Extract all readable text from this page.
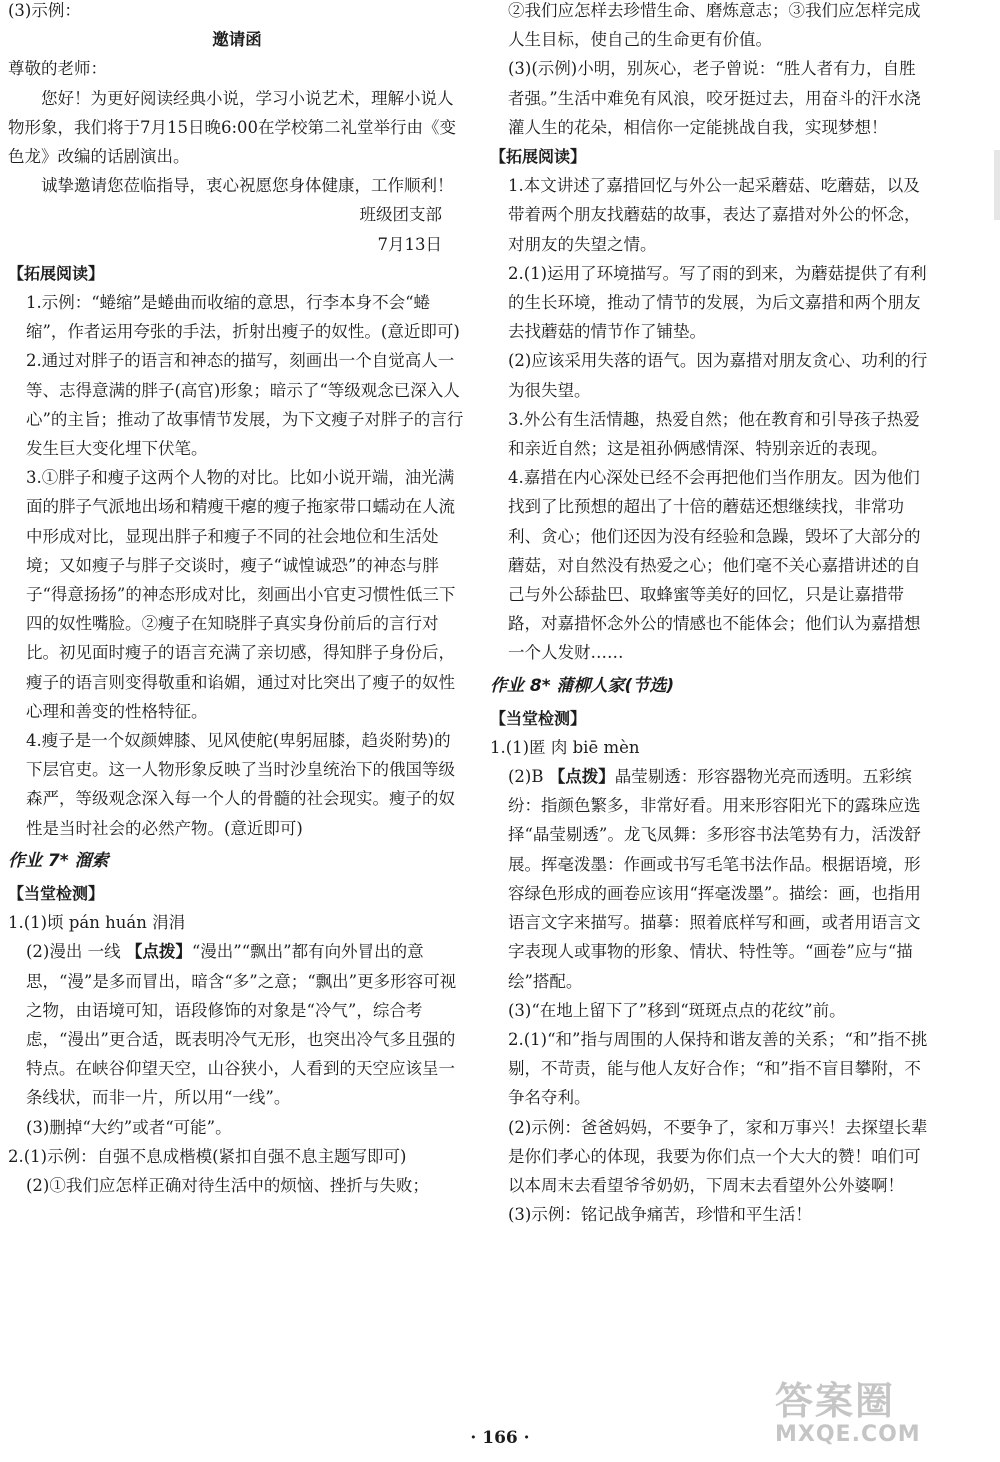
(3)示例：

邀请函

尊敬的老师：

您好！为更好阅读经典小说，学习小说艺术，理解小说人物形象，我们将于7月15日晚6:00在学校第二礼堂举行由《变色龙》改编的话剧演出。

诚挚邀请您莅临指导，衷心祝愿您身体健康，工作顺利！

班级团支部

7月13日

【拓展阅读】

1.示例：“蜷缩”是蜷曲而收缩的意思，行李本身不会“蜷缩”，作者运用夸张的手法，折射出瘦子的奴性。(意近即可)

2.通过对胖子的语言和神态的描写，刻画出一个自觉高人一等、志得意满的胖子(高官)形象；暗示了“等级观念已深入人心”的主旨；推动了故事情节发展，为下文瘦子对胖子的言行发生巨大变化埋下伏笔。

3.①胖子和瘦子这两个人物的对比。比如小说开端，油光满面的胖子气派地出场和精瘦干瘪的瘦子拖家带口蠕动在人流中形成对比，显现出胖子和瘦子不同的社会地位和生活处境；又如瘦子与胖子交谈时，瘦子“诚惶诚恐”的神态与胖子“得意扬扬”的神态形成对比，刻画出小官吏习惯性低三下四的奴性嘴脸。②瘦子在知晓胖子真实身份前后的言行对比。初见面时瘦子的语言充满了亲切感，得知胖子身份后，瘦子的语言则变得敬重和谄媚，通过对比突出了瘦子的奴性心理和善变的性格特征。

4.瘦子是一个奴颜婢膝、见风使舵(卑躬屈膝，趋炎附势)的下层官吏。这一人物形象反映了当时沙皇统治下的俄国等级森严，等级观念深入每一个人的骨髓的社会现实。瘦子的奴性是当时社会的必然产物。(意近即可)

作业 7* 溜索

【当堂检测】

1.(1)顷 pán huán 涓涓

(2)漫出 一线 【点拨】“漫出”“飘出”都有向外冒出的意思，“漫”是多而冒出，暗含“多”之意；“飘出”更多形容可视之物，由语境可知，语段修饰的对象是“冷气”，综合考虑，“漫出”更合适，既表明冷气无形，也突出冷气多且强的特点。在峡谷仰望天空，山谷狭小，人看到的天空应该呈一条线状，而非一片，所以用“一线”。

(3)删掉“大约”或者“可能”。

2.(1)示例：自强不息成楷模(紧扣自强不息主题写即可)

(2)①我们应怎样正确对待生活中的烦恼、挫折与失败；

②我们应怎样去珍惜生命、磨炼意志；③我们应怎样完成人生目标，使自己的生命更有价值。

(3)(示例)小明，别灰心，老子曾说：“胜人者有力，自胜者强。”生活中难免有风浪，咬牙挺过去，用奋斗的汗水浇灌人生的花朵，相信你一定能挑战自我，实现梦想！

【拓展阅读】

1.本文讲述了嘉措回忆与外公一起采蘑菇、吃蘑菇，以及带着两个朋友找蘑菇的故事，表达了嘉措对外公的怀念，对朋友的失望之情。

2.(1)运用了环境描写。写了雨的到来，为蘑菇提供了有利的生长环境，推动了情节的发展，为后文嘉措和两个朋友去找蘑菇的情节作了铺垫。

(2)应该采用失落的语气。因为嘉措对朋友贪心、功利的行为很失望。

3.外公有生活情趣，热爱自然；他在教育和引导孩子热爱和亲近自然；这是祖孙俩感情深、特别亲近的表现。

4.嘉措在内心深处已经不会再把他们当作朋友。因为他们找到了比预想的超出了十倍的蘑菇还想继续找，非常功利、贪心；他们还因为没有经验和急躁，毁坏了大部分的蘑菇，对自然没有热爱之心；他们毫不关心嘉措讲述的自己与外公舔盐巴、取蜂蜜等美好的回忆，只是让嘉措带路，对嘉措怀念外公的情感也不能体会；他们认为嘉措想一个人发财……

作业 8* 蒲柳人家(节选)

【当堂检测】

1.(1)匿 肉 biē mèn

(2)B 【点拨】晶莹剔透：形容器物光亮而透明。五彩缤纷：指颜色繁多，非常好看。用来形容阳光下的露珠应选择“晶莹剔透”。龙飞凤舞：多形容书法笔势有力，活泼舒展。挥毫泼墨：作画或书写毛笔书法作品。根据语境，形容绿色形成的画卷应该用“挥毫泼墨”。描绘：画，也指用语言文字来描写。描摹：照着底样写和画，或者用语言文字表现人或事物的形象、情状、特性等。“画卷”应与“描绘”搭配。

(3)“在地上留下了”移到“斑斑点点的花纹”前。

2.(1)“和”指与周围的人保持和谐友善的关系；“和”指不挑剔，不苛责，能与他人友好合作；“和”指不盲目攀附，不争名夺利。

(2)示例：爸爸妈妈，不要争了，家和万事兴！去探望长辈是你们孝心的体现，我要为你们点一个大大的赞！咱们可以本周末去看望爷爷奶奶，下周末去看望外公外婆啊！

(3)示例：铭记战争痛苦，珍惜和平生活！

· 166 ·
答案圈
MXQE.COM
